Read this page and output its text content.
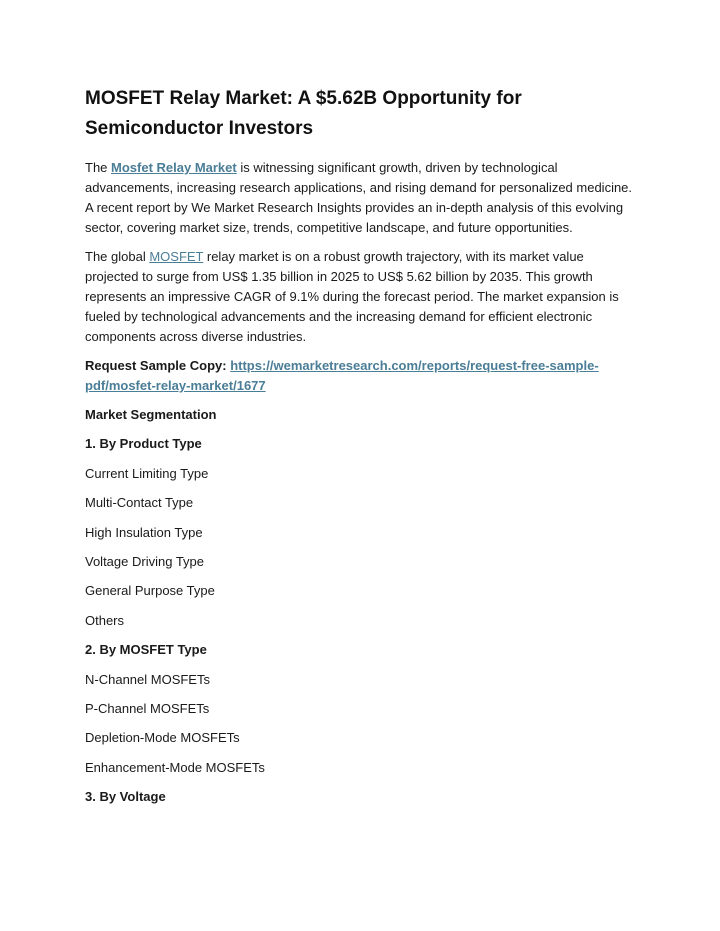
MOSFET Relay Market: A $5.62B Opportunity for Semiconductor Investors

The Mosfet Relay Market is witnessing significant growth, driven by technological advancements, increasing research applications, and rising demand for personalized medicine. A recent report by We Market Research Insights provides an in-depth analysis of this evolving sector, covering market size, trends, competitive landscape, and future opportunities.

The global MOSFET relay market is on a robust growth trajectory, with its market value projected to surge from US$ 1.35 billion in 2025 to US$ 5.62 billion by 2035. This growth represents an impressive CAGR of 9.1% during the forecast period. The market expansion is fueled by technological advancements and the increasing demand for efficient electronic components across diverse industries.

Request Sample Copy: https://wemarketresearch.com/reports/request-free-sample-pdf/mosfet-relay-market/1677

Market Segmentation

1. By Product Type

Current Limiting Type

Multi-Contact Type

High Insulation Type

Voltage Driving Type

General Purpose Type

Others

2. By MOSFET Type

N-Channel MOSFETs

P-Channel MOSFETs

Depletion-Mode MOSFETs

Enhancement-Mode MOSFETs

3. By Voltage
